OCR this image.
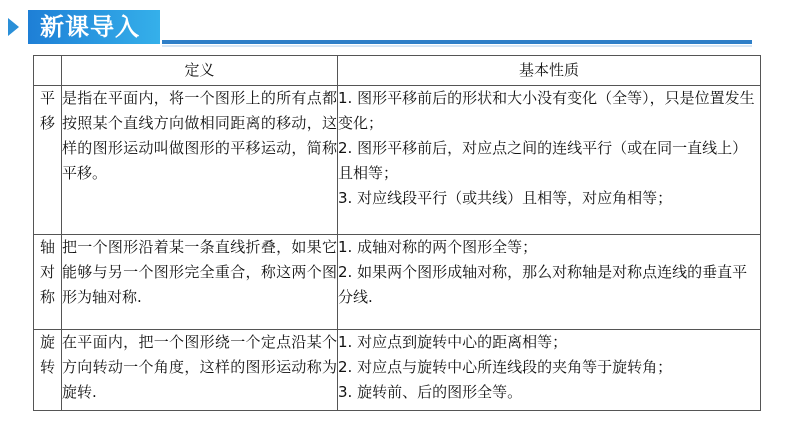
新课导入
	定义	基本性质

平
移	是指在平面内，将一个图形上的所有点都按照某个直线方向做相同距离的移动，这样的图形运动叫做图形的平移运动，简称平移。	1. 图形平移前后的形状和大小没有变化（全等），只是位置发生变化；
2. 图形平移前后，对应点之间的连线平行（或在同一直线上）且相等；
3. 对应线段平行（或共线）且相等，对应角相等；

轴
对
称	把一个图形沿着某一条直线折叠，如果它能够与另一个图形完全重合，称这两个图形为轴对称.	1. 成轴对称的两个图形全等；
2. 如果两个图形成轴对称，那么对称轴是对称点连线的垂直平分线.

旋
转	在平面内，把一个图形绕一个定点沿某个方向转动一个角度，这样的图形运动称为旋转.	1. 对应点到旋转中心的距离相等；
2. 对应点与旋转中心所连线段的夹角等于旋转角；
3. 旋转前、后的图形全等。
